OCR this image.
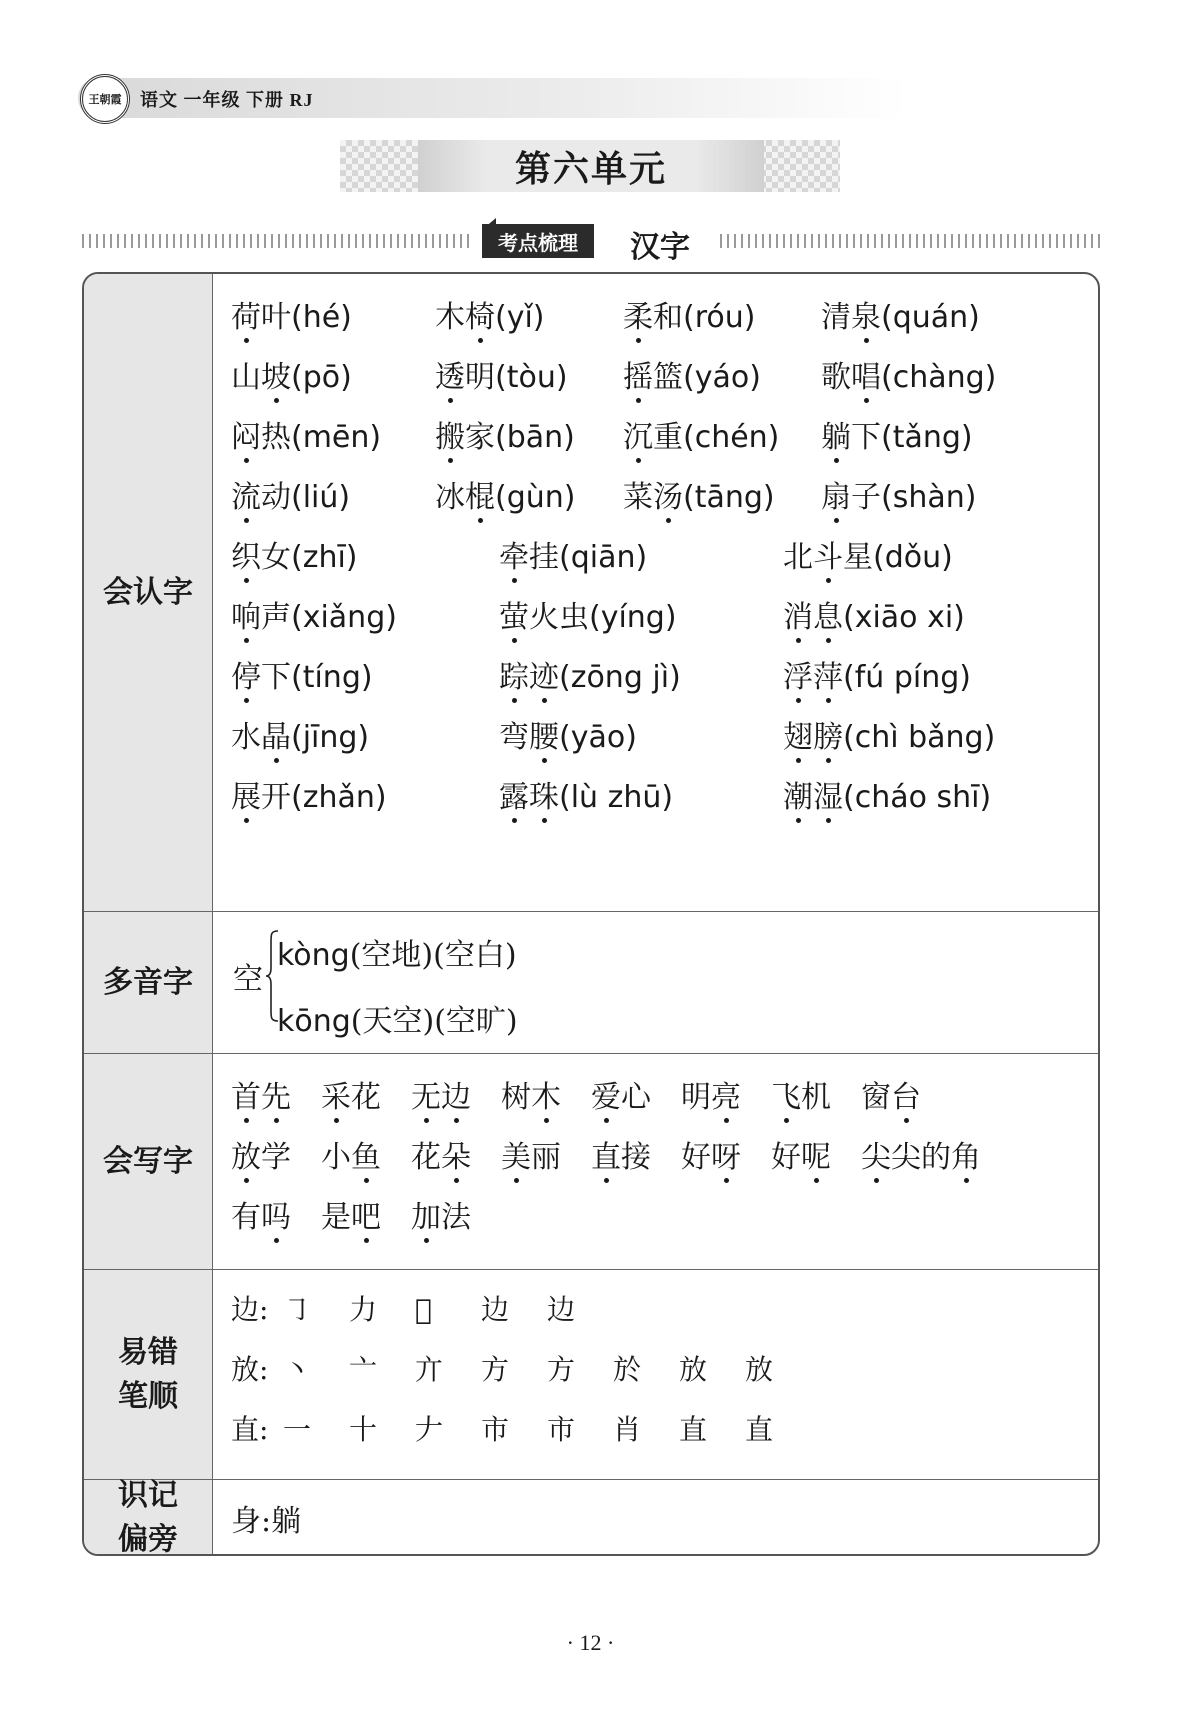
王朝霞 语文 一年级 下册 RJ
第六单元
考点梳理	汉字
会认字
荷叶(hé)	木椅(yǐ)	柔和(róu) 清泉(quán)
山坡(pō)	透明(tòu) 摇篮(yáo) 歌唱(chàng)
闷热(mēn) 搬家(bān) 沉重(chén) 躺下(tǎng)
流动(liú)	冰棍(gùn) 菜汤(tāng) 扇子(shàn)
织女(zhī)	牵挂(qiān)	北斗星(dǒu)
响声(xiǎng)	萤火虫(yíng)	消息(xiāo xi)
停下(tíng)	踪迹(zōng jì)	浮萍(fú píng)
水晶(jīng)	弯腰(yāo)	翅膀(chì bǎng)
展开(zhǎn)	露珠(lù zhū)	潮湿(cháo shī)
多音字 空
kòng(空地)(空白)
kōng(天空)(空旷)
会写字
首先 采花 无边 树木 爱心 明亮 飞机 窗台
放学 小鱼 花朵 美丽 直接 好呀 好呢 尖尖的角
有吗 是吧 加法
易错
笔顺
边: ㇆ 力 𬰯 边 边
放: 丶 亠 亣 方 方 於 放 放
直: 一 十 𠂇 市 市 肖 直 直
识记
偏旁
身:躺
· 12 ·
